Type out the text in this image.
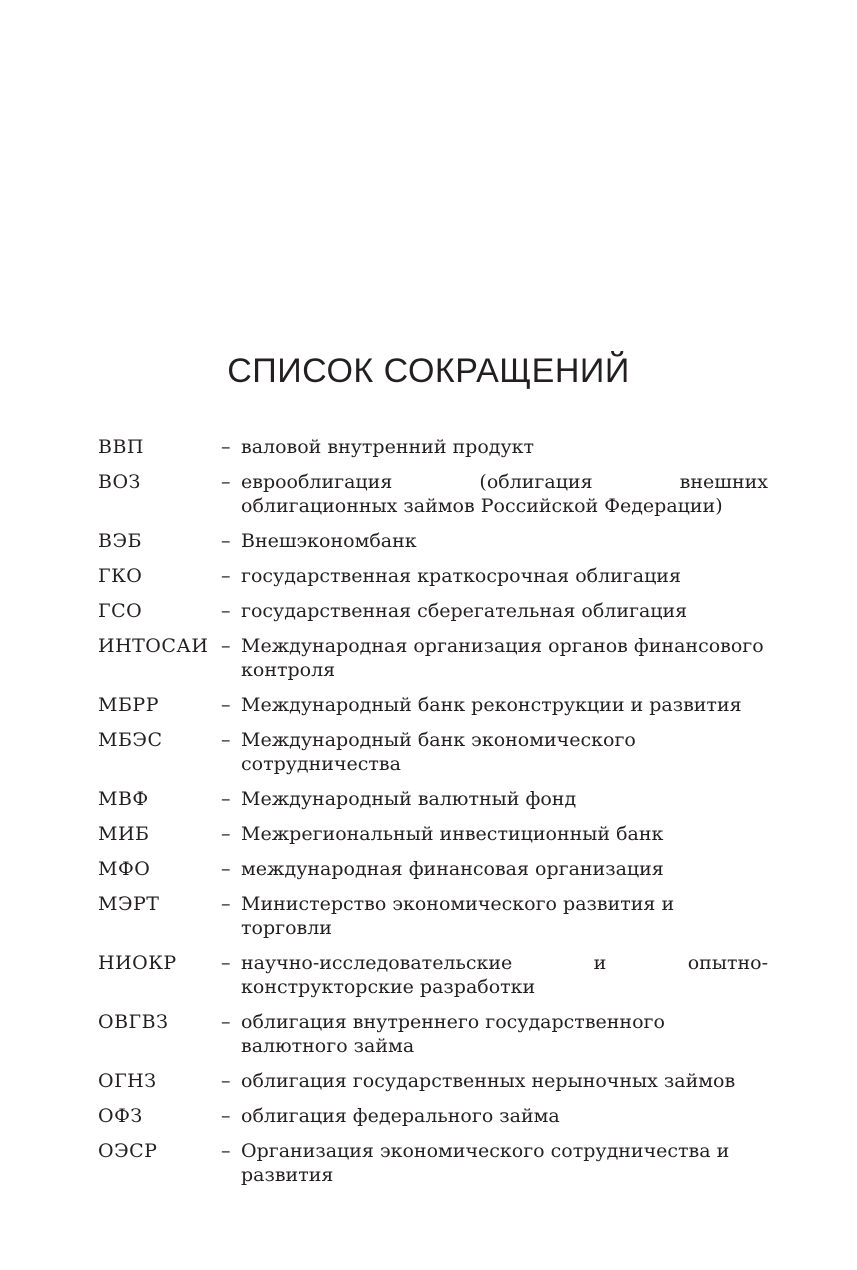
СПИСОК СОКРАЩЕНИЙ
ВВП	– валовой внутренний продукт
ВОЗ	– еврооблигация (облигация внешних облигационных займов Российской Федерации)
ВЭБ	– Внешэкономбанк
ГКО	– государственная краткосрочная облигация
ГСО	– государственная сберегательная облигация
ИНТОСАИ – Международная организация органов финансового контроля
МБРР	– Международный банк реконструкции и развития
МБЭС	– Международный банк экономического сотрудничества
МВФ	– Международный валютный фонд
МИБ	– Межрегиональный инвестиционный банк
МФО	– международная финансовая организация
МЭРТ	– Министерство экономического развития и торговли
НИОКР	– научно-исследовательские и опытно-конструкторские разработки
ОВГВЗ	– облигация внутреннего государственного валютного займа
ОГНЗ	– облигация государственных нерыночных займов
ОФЗ	– облигация федерального займа
ОЭСР	– Организация экономического сотрудничества и развития
